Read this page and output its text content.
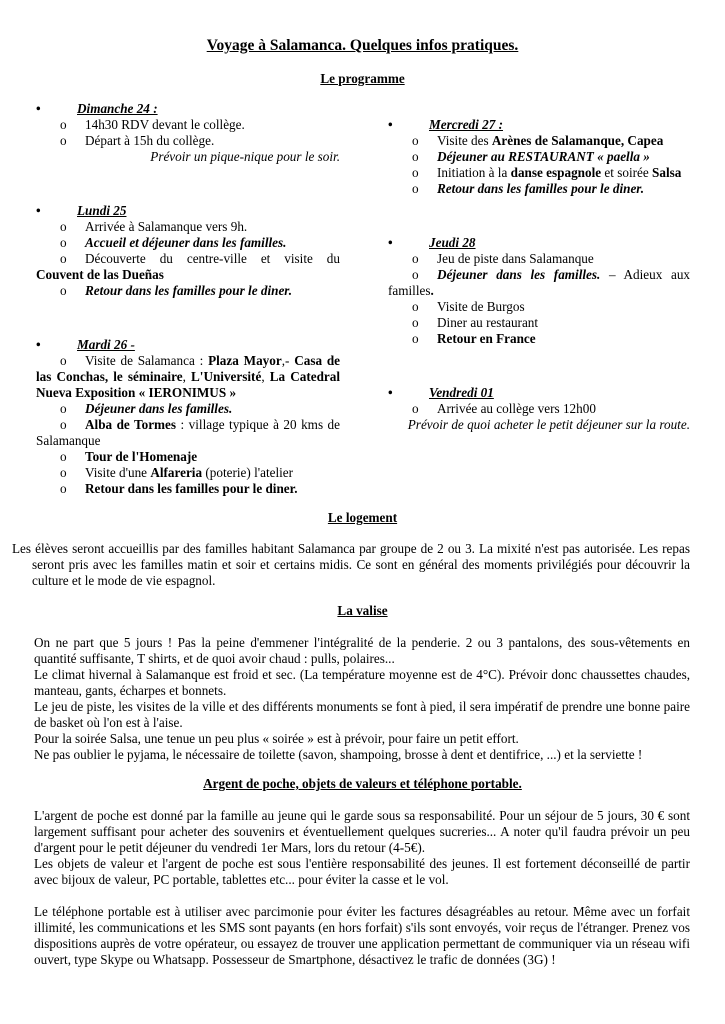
Voyage à Salamanca. Quelques infos pratiques.
Le programme
•	Dimanche 24 :
o 14h30 RDV devant le collège.
o Départ à 15h du collège.
Prévoir un pique-nique pour le soir.
•	Lundi 25
o Arrivée à Salamanque vers 9h.
o Accueil et déjeuner dans les familles.
o Découverte du centre-ville et visite du
Couvent de las Dueñas
o Retour dans les familles pour le diner.
•	Mardi 26 -
o Visite de Salamanca : Plaza Mayor,- Casa de las Conchas, le séminaire, L'Université, La Catedral Nueva Exposition « IERONIMUS »
o Déjeuner dans les familles.
o Alba de Tormes : village typique à 20 kms de Salamanque
o Tour de l'Homenaje
o Visite d'une Alfareria (poterie) l'atelier
o Retour dans les familles pour le diner.
•	Mercredi 27 :
o Visite des Arènes de Salamanque, Capea
o Déjeuner au RESTAURANT « paella »
o Initiation à la danse espagnole et soirée Salsa
o Retour dans les familles pour le diner.
•	Jeudi 28
o Jeu de piste dans Salamanque
o Déjeuner dans les familles. – Adieux aux familles.
o Visite de Burgos
o Diner au restaurant
o Retour en France
•	Vendredi 01
o Arrivée au collège vers 12h00
Prévoir de quoi acheter le petit déjeuner sur la route.
Le logement
Les élèves seront accueillis par des familles habitant Salamanca par groupe de 2 ou 3. La mixité n'est pas autorisée. Les repas seront pris avec les familles matin et soir et certains midis. Ce sont en général des moments privilégiés pour découvrir la culture et le mode de vie espagnol.
La valise
On ne part que 5 jours ! Pas la peine d'emmener l'intégralité de la penderie. 2 ou 3 pantalons, des sous-vêtements en quantité suffisante, T shirts, et de quoi avoir chaud : pulls, polaires...
Le climat hivernal à Salamanque est froid et sec. (La température moyenne est de 4°C). Prévoir donc chaussettes chaudes, manteau, gants, écharpes et bonnets.
Le jeu de piste, les visites de la ville et des différents monuments se font à pied, il sera impératif de prendre une bonne paire de basket où l'on est à l'aise.
Pour la soirée Salsa, une tenue un peu plus « soirée » est à prévoir, pour faire un petit effort.
Ne pas oublier le pyjama, le nécessaire de toilette (savon, shampoing, brosse à dent et dentifrice, ...) et la serviette !
Argent de poche, objets de valeurs et téléphone portable.
L'argent de poche est donné par la famille au jeune qui le garde sous sa responsabilité. Pour un séjour de 5 jours, 30 € sont largement suffisant pour acheter des souvenirs et éventuellement quelques sucreries... A noter qu'il faudra prévoir un peu d'argent pour le petit déjeuner du vendredi 1er Mars, lors du retour (4-5€).
Les objets de valeur et l'argent de poche est sous l'entière responsabilité des jeunes. Il est fortement déconseillé de partir avec bijoux de valeur, PC portable, tablettes etc... pour éviter la casse et le vol.
Le téléphone portable est à utiliser avec parcimonie pour éviter les factures désagréables au retour. Même avec un forfait illimité, les communications et les SMS sont payants (en hors forfait) s'ils sont envoyés, voir reçus de l'étranger. Prenez vos dispositions auprès de votre opérateur, ou essayez de trouver une application permettant de communiquer via un réseau wifi ouvert, type Skype ou Whatsapp. Possesseur de Smartphone, désactivez le trafic de données (3G) !
